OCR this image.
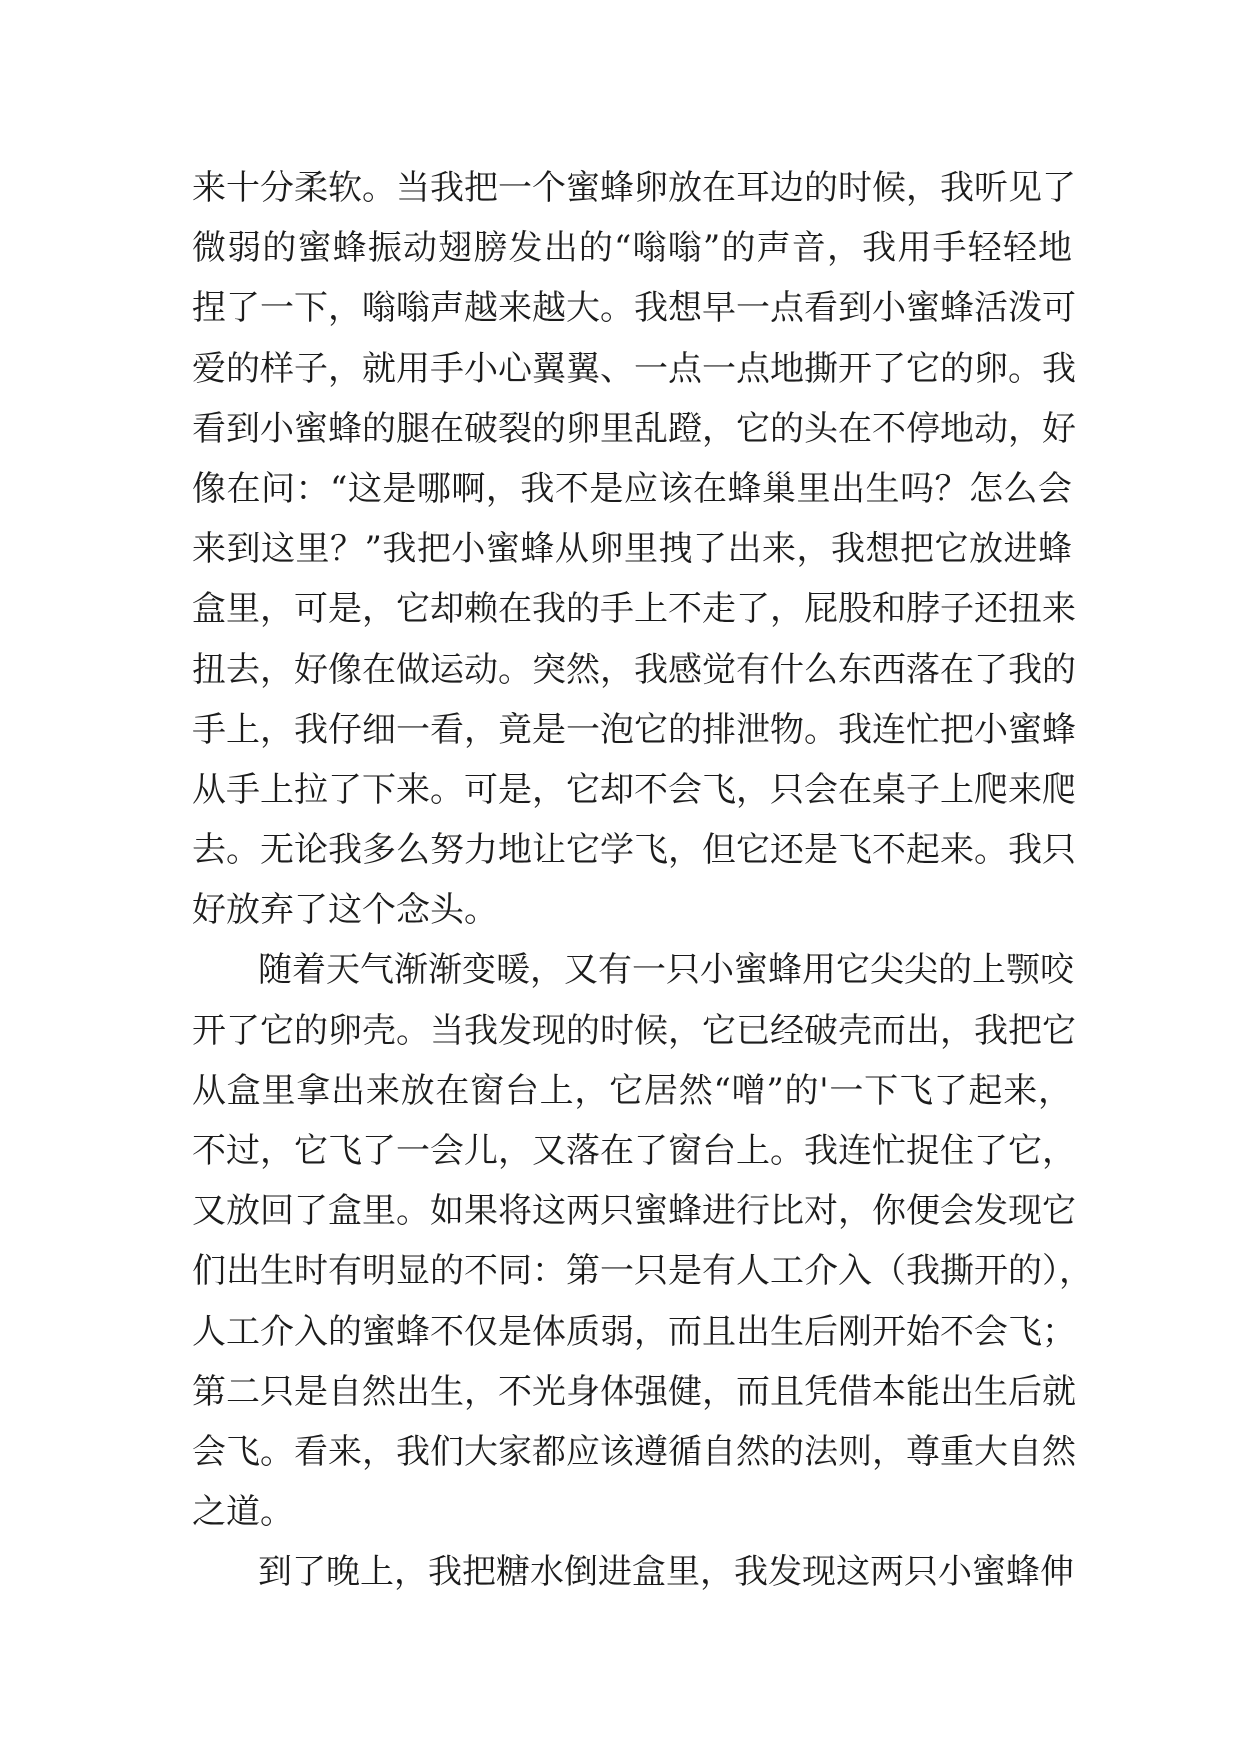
来十分柔软。当我把一个蜜蜂卵放在耳边的时候，我听见了
微弱的蜜蜂振动翅膀发出的“嗡嗡”的声音，我用手轻轻地
捏了一下，嗡嗡声越来越大。我想早一点看到小蜜蜂活泼可
爱的样子，就用手小心翼翼、一点一点地撕开了它的卵。我
看到小蜜蜂的腿在破裂的卵里乱蹬，它的头在不停地动，好
像在问：“这是哪啊，我不是应该在蜂巢里出生吗？怎么会
来到这里？”我把小蜜蜂从卵里拽了出来，我想把它放进蜂
盒里，可是，它却赖在我的手上不走了，屁股和脖子还扭来
扭去，好像在做运动。突然，我感觉有什么东西落在了我的
手上，我仔细一看，竟是一泡它的排泄物。我连忙把小蜜蜂
从手上拉了下来。可是，它却不会飞，只会在桌子上爬来爬
去。无论我多么努力地让它学飞，但它还是飞不起来。我只
好放弃了这个念头。
随着天气渐渐变暖，又有一只小蜜蜂用它尖尖的上颚咬
开了它的卵壳。当我发现的时候，它已经破壳而出，我把它
从盒里拿出来放在窗台上，它居然“噌”的'一下飞了起来，
不过，它飞了一会儿，又落在了窗台上。我连忙捉住了它，
又放回了盒里。如果将这两只蜜蜂进行比对，你便会发现它
们出生时有明显的不同：第一只是有人工介入（我撕开的），
人工介入的蜜蜂不仅是体质弱，而且出生后刚开始不会飞；
第二只是自然出生，不光身体强健，而且凭借本能出生后就
会飞。看来，我们大家都应该遵循自然的法则，尊重大自然
之道。
到了晚上，我把糖水倒进盒里，我发现这两只小蜜蜂伸
